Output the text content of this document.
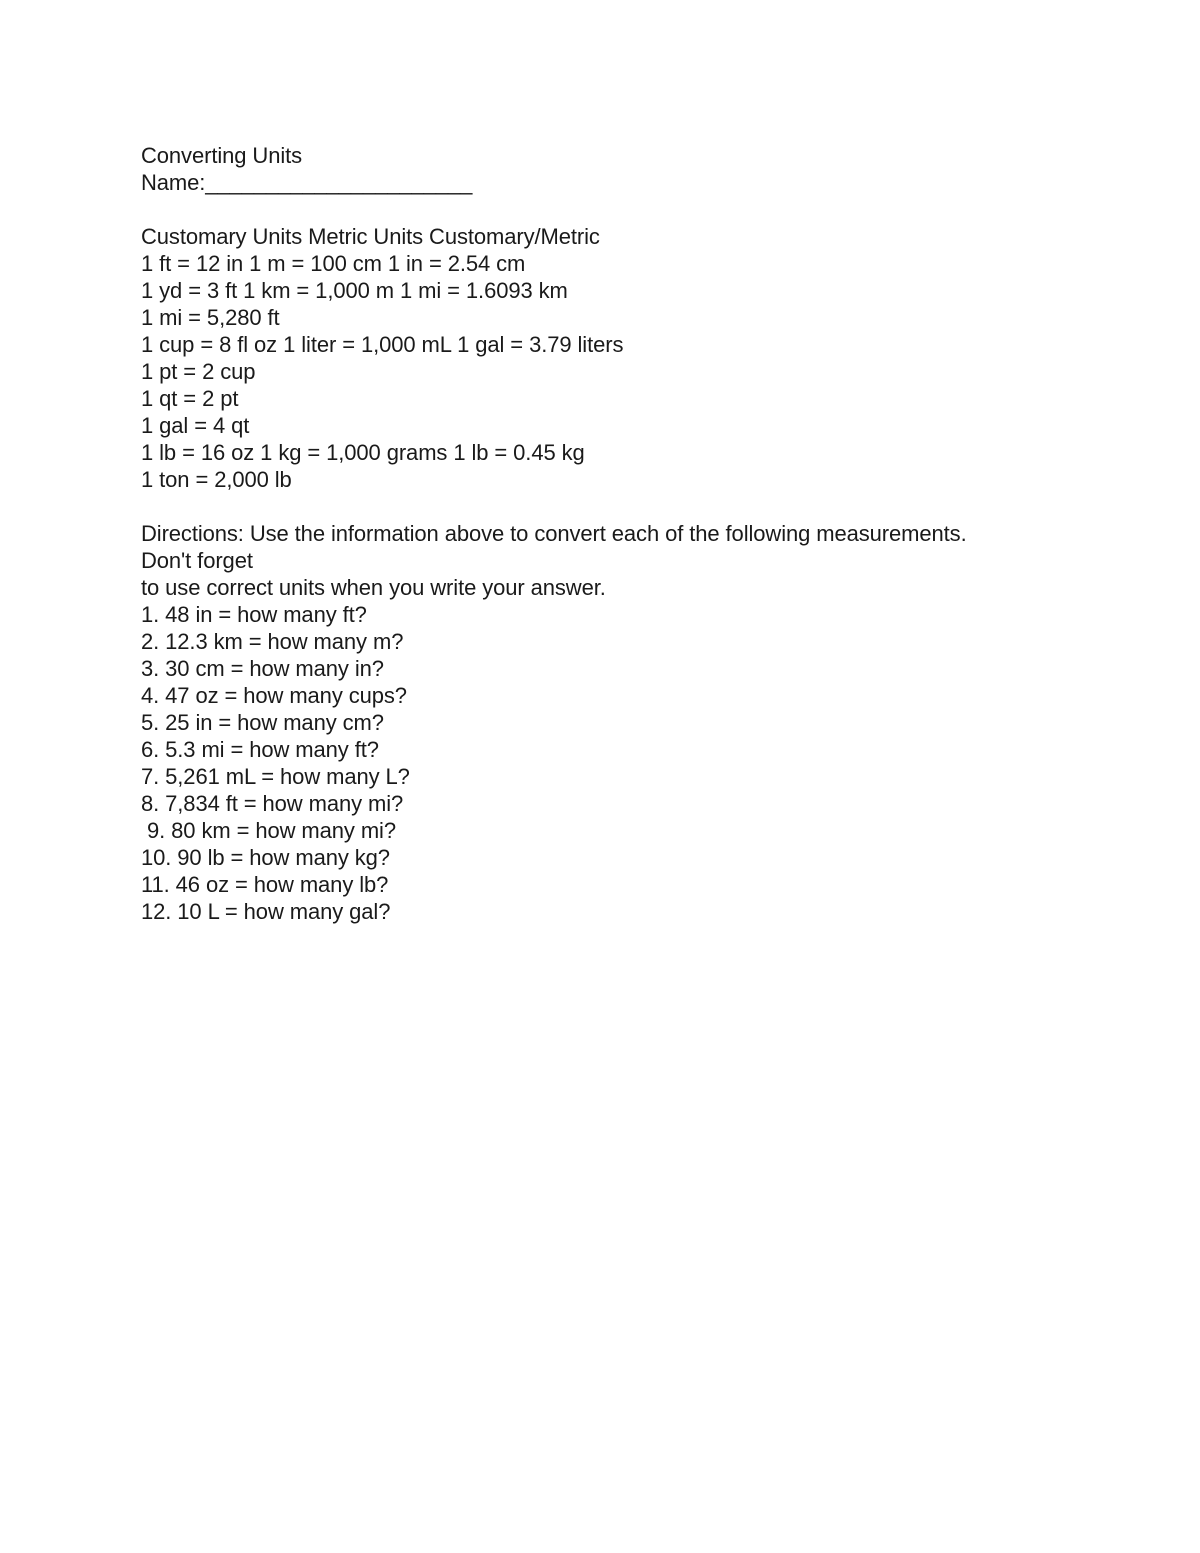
Converting Units
Name:______________________
Customary Units Metric Units Customary/Metric
1 ft = 12 in 1 m = 100 cm 1 in = 2.54 cm
1 yd = 3 ft 1 km = 1,000 m 1 mi = 1.6093 km
1 mi = 5,280 ft
1 cup = 8 fl oz 1 liter = 1,000 mL 1 gal = 3.79 liters
1 pt = 2 cup
1 qt = 2 pt
1 gal = 4 qt
1 lb = 16 oz 1 kg = 1,000 grams 1 lb = 0.45 kg
1 ton = 2,000 lb
Directions: Use the information above to convert each of the following measurements.
Don't forget
to use correct units when you write your answer.
1. 48 in = how many ft?
2. 12.3 km = how many m?
3. 30 cm = how many in?
4. 47 oz = how many cups?
5. 25 in = how many cm?
6. 5.3 mi = how many ft?
7. 5,261 mL = how many L?
8. 7,834 ft = how many mi?
9. 80 km = how many mi?
10. 90 lb = how many kg?
11. 46 oz = how many lb?
12. 10 L = how many gal?
